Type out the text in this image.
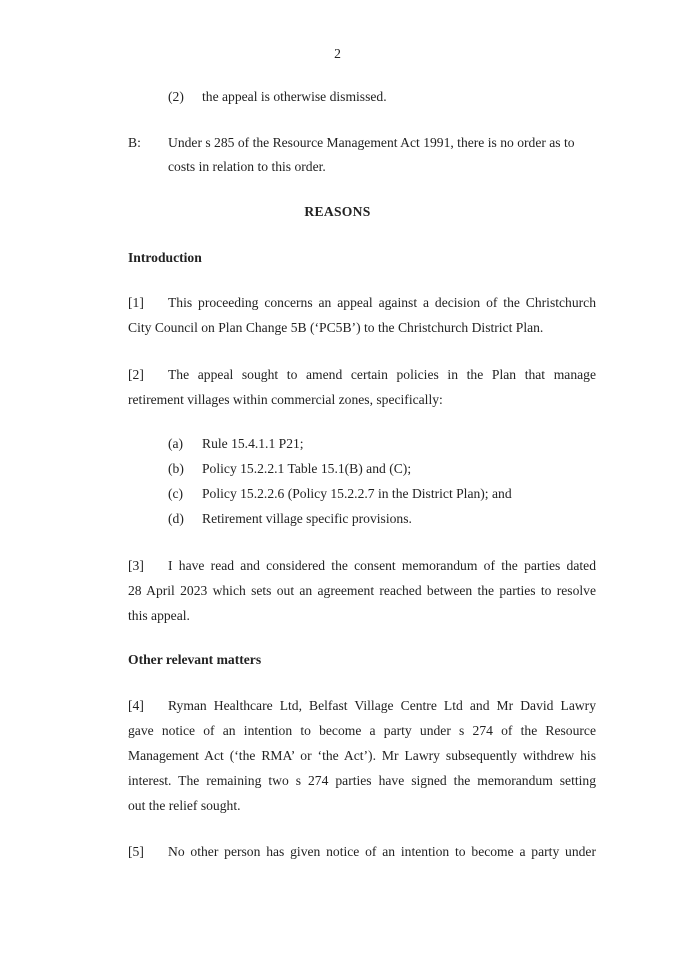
2
(2) the appeal is otherwise dismissed.
B: Under s 285 of the Resource Management Act 1991, there is no order as to
costs in relation to this order.
REASONS
Introduction
[1] This proceeding concerns an appeal against a decision of the Christchurch
City Council on Plan Change 5B (‘PC5B’) to the Christchurch District Plan.
[2] The appeal sought to amend certain policies in the Plan that manage
retirement villages within commercial zones, specifically:
(a) Rule 15.4.1.1 P21;
(b) Policy 15.2.2.1 Table 15.1(B) and (C);
(c) Policy 15.2.2.6 (Policy 15.2.2.7 in the District Plan); and
(d) Retirement village specific provisions.
[3] I have read and considered the consent memorandum of the parties dated
28 April 2023 which sets out an agreement reached between the parties to resolve
this appeal.
Other relevant matters
[4] Ryman Healthcare Ltd, Belfast Village Centre Ltd and Mr David Lawry
gave notice of an intention to become a party under s 274 of the Resource
Management Act (‘the RMA’ or ‘the Act’). Mr Lawry subsequently withdrew his
interest. The remaining two s 274 parties have signed the memorandum setting
out the relief sought.
[5] No other person has given notice of an intention to become a party under
